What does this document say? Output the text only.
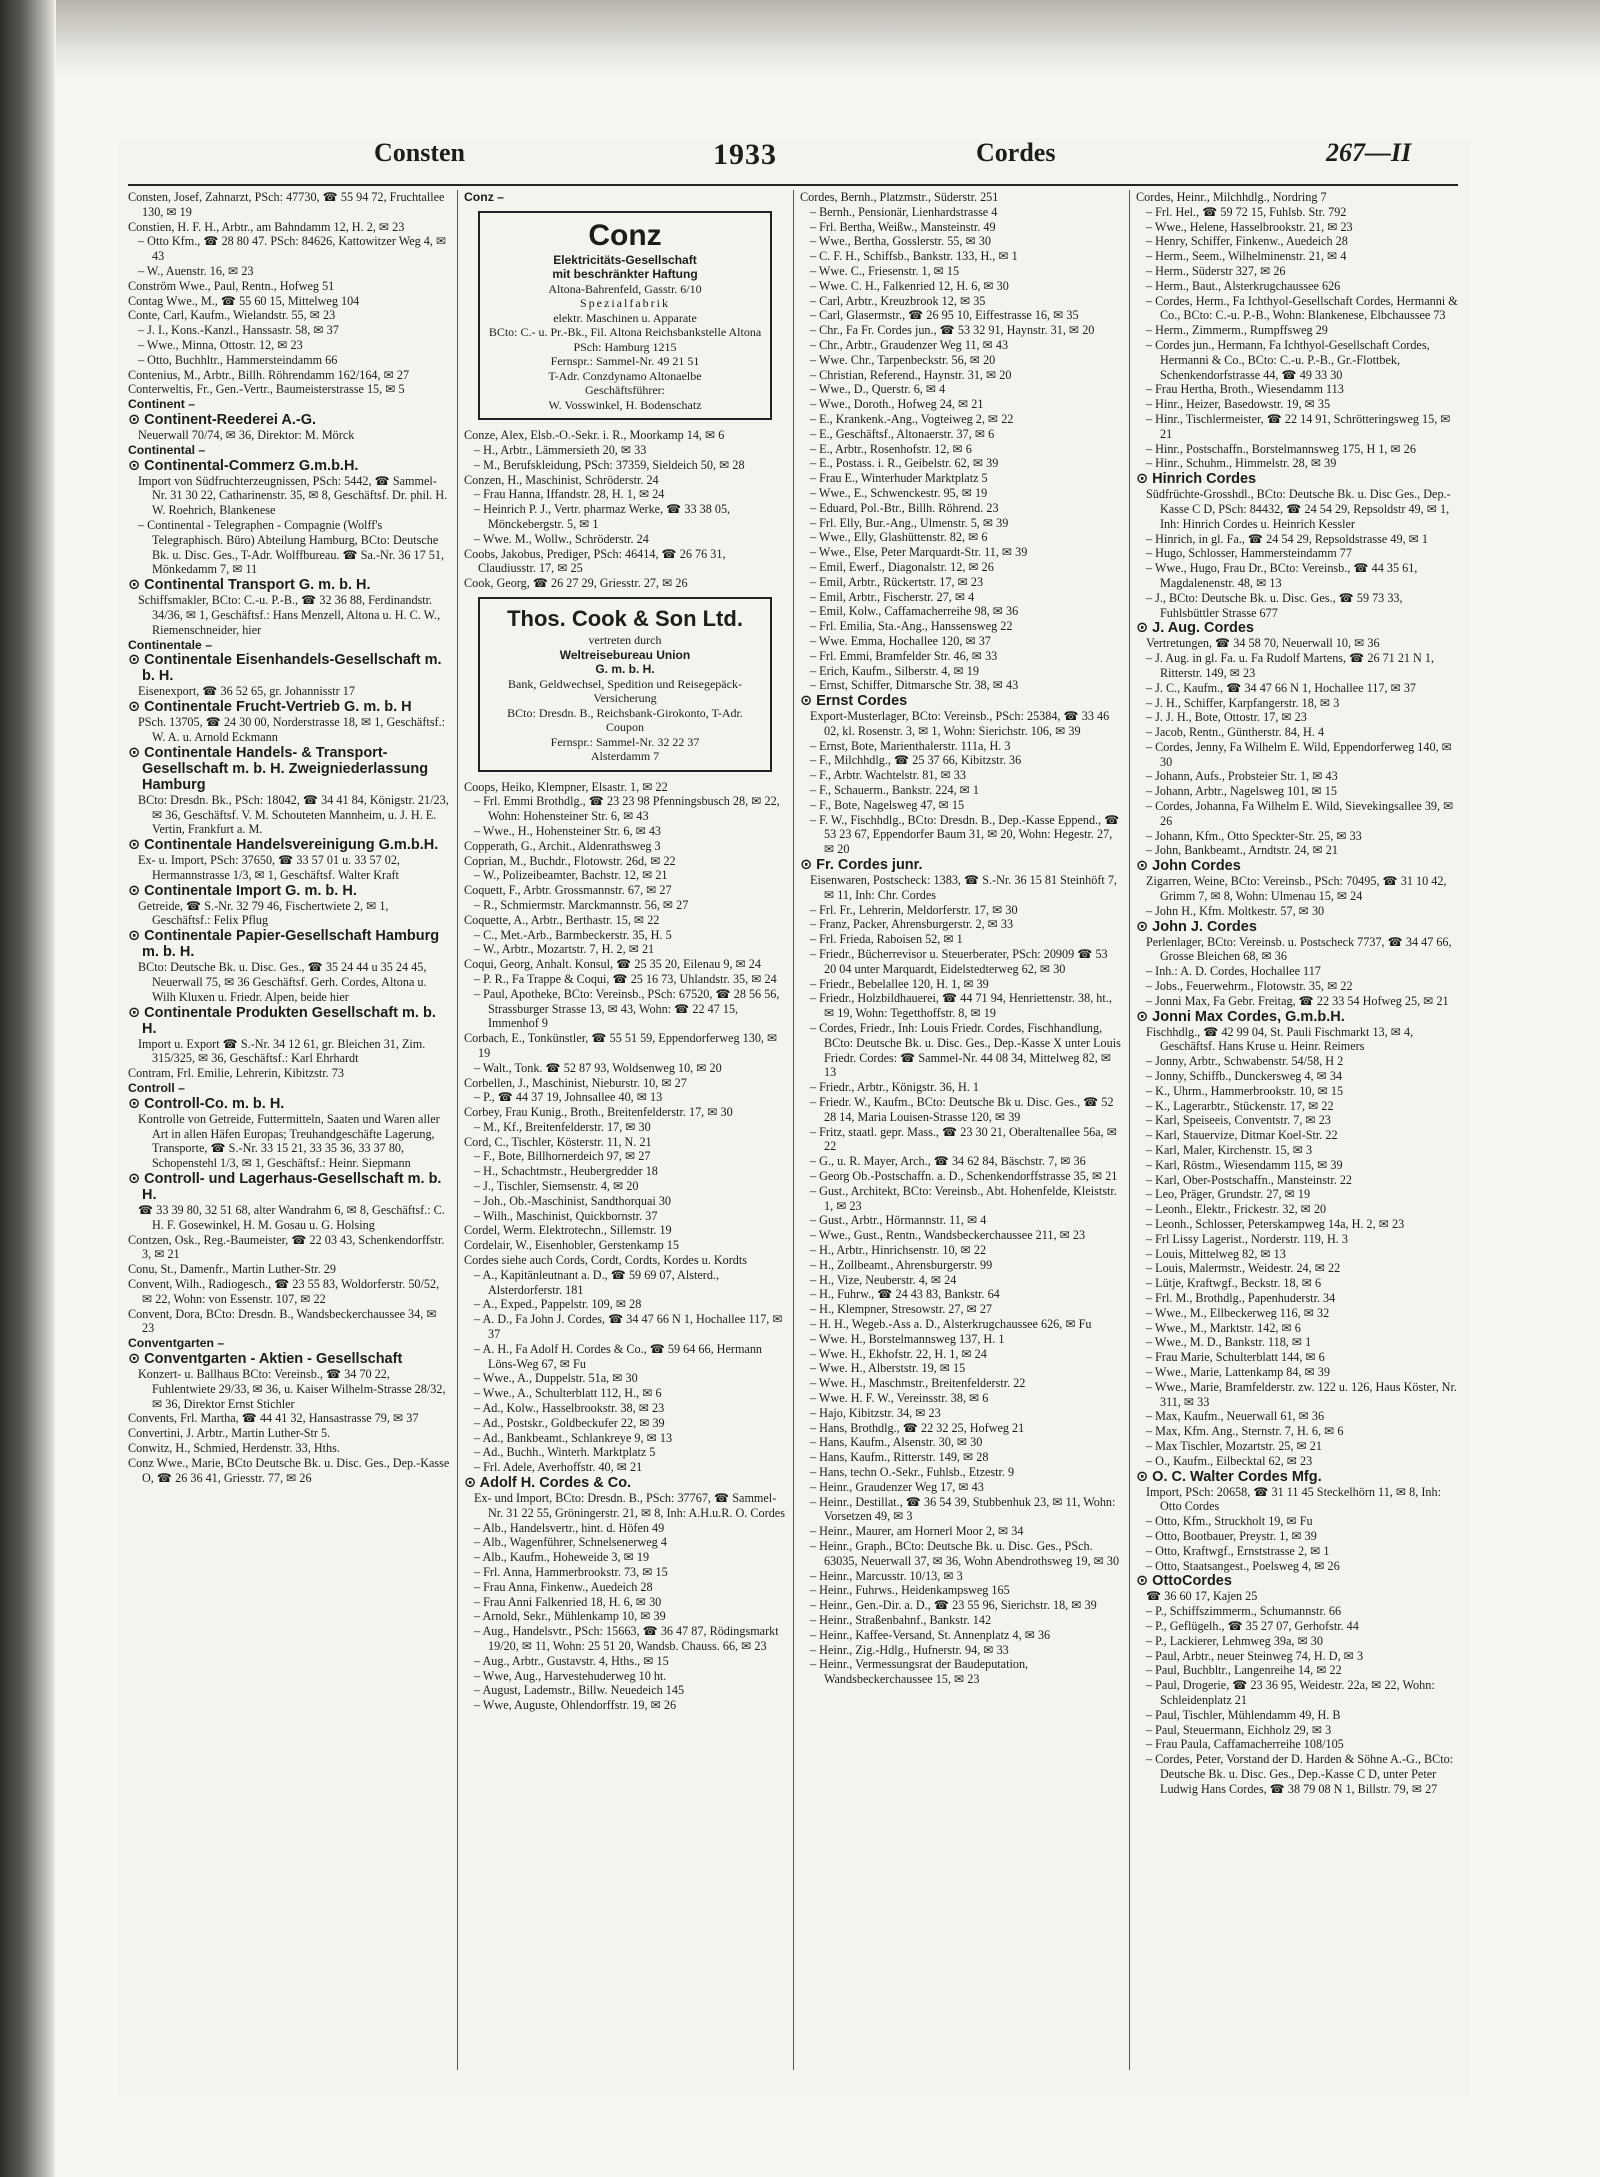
Consten	1933	Cordes	267—II

Consten, Josef, Zahnarzt, PSch: 47730, ☎ 55 94 72, Fruchtallee 130, ✉ 19

Constien, H. F. H., Arbtr., am Bahndamm 12, H. 2, ✉ 23

– Otto Kfm., ☎ 28 80 47. PSch: 84626, Kattowitzer Weg 4, ✉ 43

– W., Auenstr. 16, ✉ 23

Conström Wwe., Paul, Rentn., Hofweg 51

Contag Wwe., M., ☎ 55 60 15, Mittelweg 104

Conte, Carl, Kaufm., Wielandstr. 55, ✉ 23

– J. I., Kons.-Kanzl., Hanssastr. 58, ✉ 37

– Wwe., Minna, Ottostr. 12, ✉ 23

– Otto, Buchhltr., Hammersteindamm 66

Contenius, M., Arbtr., Billh. Röhrendamm 162/164, ✉ 27

Conterweltis, Fr., Gen.-Vertr., Baumeisterstrasse 15, ✉ 5

Continent –

⊙ Continent-Reederei A.-G.

Neuerwall 70/74, ✉ 36, Direktor: M. Mörck

Continental –

⊙ Continental-Commerz G.m.b.H.

Import von Südfruchterzeugnissen, PSch: 5442, ☎ Sammel-Nr. 31 30 22, Catharinenstr. 35, ✉ 8, Geschäftsf. Dr. phil. H. W. Roehrich, Blankenese

– Continental - Telegraphen - Compagnie (Wolff's Telegraphisch. Büro) Abteilung Hamburg, BCto: Deutsche Bk. u. Disc. Ges., T-Adr. Wolffbureau. ☎ Sa.-Nr. 36 17 51, Mönkedamm 7, ✉ 11

⊙ Continental Transport G. m. b. H.

Schiffsmakler, BCto: C.-u. P.-B., ☎ 32 36 88, Ferdinandstr. 34/36, ✉ 1, Geschäftsf.: Hans Menzell, Altona u. H. C. W., Riemenschneider, hier

Continentale –

⊙ Continentale Eisenhandels-Gesellschaft m. b. H.

Eisenexport, ☎ 36 52 65, gr. Johannisstr 17

⊙ Continentale Frucht-Vertrieb G. m. b. H

PSch. 13705, ☎ 24 30 00, Norderstrasse 18, ✉ 1, Geschäftsf.: W. A. u. Arnold Eckmann

⊙ Continentale Handels- & Transport-Gesellschaft m. b. H. Zweigniederlassung Hamburg

BCto: Dresdn. Bk., PSch: 18042, ☎ 34 41 84, Königstr. 21/23, ✉ 36, Geschäftsf. V. M. Schouteten Mannheim, u. J. H. E. Vertin, Frankfurt a. M.

⊙ Continentale Handelsvereinigung G.m.b.H.

Ex- u. Import, PSch: 37650, ☎ 33 57 01 u. 33 57 02, Hermannstrasse 1/3, ✉ 1, Geschäftsf. Walter Kraft

⊙ Continentale Import G. m. b. H.

Getreide, ☎ S.-Nr. 32 79 46, Fischertwiete 2, ✉ 1, Geschäftsf.: Felix Pflug

⊙ Continentale Papier-Gesellschaft Hamburg m. b. H.

BCto: Deutsche Bk. u. Disc. Ges., ☎ 35 24 44 u 35 24 45, Neuerwall 75, ✉ 36 Geschäftsf. Gerh. Cordes, Altona u. Wilh Kluxen u. Friedr. Alpen, beide hier

⊙ Continentale Produkten Gesellschaft m. b. H.

Import u. Export ☎ S.-Nr. 34 12 61, gr. Bleichen 31, Zim. 315/325, ✉ 36, Geschäftsf.: Karl Ehrhardt

Contram, Frl. Emilie, Lehrerin, Kibitzstr. 73

Controll –

⊙ Controll-Co. m. b. H.

Kontrolle von Getreide, Futtermitteln, Saaten und Waren aller Art in allen Häfen Europas; Treuhandgeschäfte Lagerung, Transporte, ☎ S.-Nr. 33 15 21, 33 35 36, 33 37 80, Schopenstehl 1/3, ✉ 1, Geschäftsf.: Heinr. Siepmann

⊙ Controll- und Lagerhaus-Gesellschaft m. b. H.

☎ 33 39 80, 32 51 68, alter Wandrahm 6, ✉ 8, Geschäftsf.: C. H. F. Gosewinkel, H. M. Gosau u. G. Holsing

Contzen, Osk., Reg.-Baumeister, ☎ 22 03 43, Schenkendorffstr. 3, ✉ 21

Conu, St., Damenfr., Martin Luther-Str. 29

Convent, Wilh., Radiogesch., ☎ 23 55 83, Woldorferstr. 50/52, ✉ 22, Wohn: von Essenstr. 107, ✉ 22

Convent, Dora, BCto: Dresdn. B., Wandsbeckerchaussee 34, ✉ 23

Conventgarten –

⊙ Conventgarten - Aktien - Gesellschaft

Konzert- u. Ballhaus BCto: Vereinsb., ☎ 34 70 22, Fuhlentwiete 29/33, ✉ 36, u. Kaiser Wilhelm-Strasse 28/32, ✉ 36, Direktor Ernst Stichler

Convents, Frl. Martha, ☎ 44 41 32, Hansastrasse 79, ✉ 37

Convertini, J. Arbtr., Martin Luther-Str 5.

Conwitz, H., Schmied, Herdenstr. 33, Hths.

Conz Wwe., Marie, BCto Deutsche Bk. u. Disc. Ges., Dep.-Kasse O, ☎ 26 36 41, Griesstr. 77, ✉ 26

Conz –

Conz
Elektricitäts-Gesellschaft
mit beschränkter Haftung
Altona-Bahrenfeld, Gasstr. 6/10
Spezialfabrik
elektr. Maschinen u. Apparate
BCto: C.- u. Pr.-Bk., Fil. Altona Reichsbankstelle Altona
PSch: Hamburg 1215
Fernspr.: Sammel-Nr. 49 21 51
T-Adr. Conzdynamo Altonaelbe
Geschäftsführer:
W. Vosswinkel, H. Bodenschatz

Conze, Alex, Elsb.-O.-Sekr. i. R., Moorkamp 14, ✉ 6

– H., Arbtr., Lämmersieth 20, ✉ 33

– M., Berufskleidung, PSch: 37359, Sieldeich 50, ✉ 28

Conzen, H., Maschinist, Schröderstr. 24

– Frau Hanna, Iffandstr. 28, H. 1, ✉ 24

– Heinrich P. J., Vertr. pharmaz Werke, ☎ 33 38 05, Mönckebergstr. 5, ✉ 1

– Wwe. M., Wollw., Schröderstr. 24

Coobs, Jakobus, Prediger, PSch: 46414, ☎ 26 76 31, Claudiusstr. 17, ✉ 25

Cook, Georg, ☎ 26 27 29, Griesstr. 27, ✉ 26

Thos. Cook & Son Ltd.
vertreten durch
Weltreisebureau Union
G. m. b. H.
Bank, Geldwechsel, Spedition und Reisegepäck-Versicherung
BCto: Dresdn. B., Reichsbank-Girokonto, T-Adr. Coupon
Fernspr.: Sammel-Nr. 32 22 37
Alsterdamm 7

Coops, Heiko, Klempner, Elsastr. 1, ✉ 22

– Frl. Emmi Brothdlg., ☎ 23 23 98 Pfenningsbusch 28, ✉ 22, Wohn: Hohensteiner Str. 6, ✉ 43

– Wwe., H., Hohensteiner Str. 6, ✉ 43

Copperath, G., Archit., Aldenrathsweg 3

Coprian, M., Buchdr., Flotowstr. 26d, ✉ 22

– W., Polizeibeamter, Bachstr. 12, ✉ 21

Coquett, F., Arbtr. Grossmannstr. 67, ✉ 27

– R., Schmiermstr. Marckmannstr. 56, ✉ 27

Coquette, A., Arbtr., Berthastr. 15, ✉ 22

– C., Met.-Arb., Barmbeckerstr. 35, H. 5

– W., Arbtr., Mozartstr. 7, H. 2, ✉ 21

Coqui, Georg, Anhalt. Konsul, ☎ 25 35 20, Eilenau 9, ✉ 24

– P. R., Fa Trappe & Coqui, ☎ 25 16 73, Uhlandstr. 35, ✉ 24

– Paul, Apotheke, BCto: Vereinsb., PSch: 67520, ☎ 28 56 56, Strassburger Strasse 13, ✉ 43, Wohn: ☎ 22 47 15, Immenhof 9

Corbach, E., Tonkünstler, ☎ 55 51 59, Eppendorferweg 130, ✉ 19

– Walt., Tonk. ☎ 52 87 93, Woldsenweg 10, ✉ 20

Corbellen, J., Maschinist, Nieburstr. 10, ✉ 27

– P., ☎ 44 37 19, Johnsallee 40, ✉ 13

Corbey, Frau Kunig., Broth., Breitenfelderstr. 17, ✉ 30

– M., Kf., Breitenfelderstr. 17, ✉ 30

Cord, C., Tischler, Kösterstr. 11, N. 21

– F., Bote, Billhornerdeich 97, ✉ 27

– H., Schachtmstr., Heubergredder 18

– J., Tischler, Siemsenstr. 4, ✉ 20

– Joh., Ob.-Maschinist, Sandthorquai 30

– Wilh., Maschinist, Quickbornstr. 37

Cordel, Werm. Elektrotechn., Sillemstr. 19

Cordelair, W., Eisenhobler, Gerstenkamp 15

Cordes siehe auch Cords, Cordt, Cordts, Kordes u. Kordts

– A., Kapitänleutnant a. D., ☎ 59 69 07, Alsterd., Alsterdorferstr. 181

– A., Exped., Pappelstr. 109, ✉ 28

– A. D., Fa John J. Cordes, ☎ 34 47 66 N 1, Hochallee 117, ✉ 37

– A. H., Fa Adolf H. Cordes & Co., ☎ 59 64 66, Hermann Löns-Weg 67, ✉ Fu

– Wwe., A., Duppelstr. 51a, ✉ 30

– Wwe., A., Schulterblatt 112, H., ✉ 6

– Ad., Kolw., Hasselbrookstr. 38, ✉ 23

– Ad., Postskr., Goldbeckufer 22, ✉ 39

– Ad., Bankbeamt., Schlankreye 9, ✉ 13

– Ad., Buchh., Winterh. Marktplatz 5

– Frl. Adele, Averhoffstr. 40, ✉ 21

⊙ Adolf H. Cordes & Co.

Ex- und Import, BCto: Dresdn. B., PSch: 37767, ☎ Sammel-Nr. 31 22 55, Gröningerstr. 21, ✉ 8, Inh: A.H.u.R. O. Cordes

– Alb., Handelsvertr., hint. d. Höfen 49

– Alb., Wagenführer, Schnelsenerweg 4

– Alb., Kaufm., Hoheweide 3, ✉ 19

– Frl. Anna, Hammerbrookstr. 73, ✉ 15

– Frau Anna, Finkenw., Auedeich 28

– Frau Anni Falkenried 18, H. 6, ✉ 30

– Arnold, Sekr., Mühlenkamp 10, ✉ 39

– Aug., Handelsvtr., PSch: 15663, ☎ 36 47 87, Rödingsmarkt 19/20, ✉ 11, Wohn: 25 51 20, Wandsb. Chauss. 66, ✉ 23

– Aug., Arbtr., Gustavstr. 4, Hths., ✉ 15

– Wwe, Aug., Harvestehuderweg 10 ht.

– August, Lademstr., Billw. Neuedeich 145

– Wwe, Auguste, Ohlendorffstr. 19, ✉ 26

Cordes, Bernh., Platzmstr., Süderstr. 251

– Bernh., Pensionär, Lienhardstrasse 4

– Frl. Bertha, Weißw., Mansteinstr. 49

– Wwe., Bertha, Gosslerstr. 55, ✉ 30

– C. F. H., Schiffsb., Bankstr. 133, H., ✉ 1

– Wwe. C., Friesenstr. 1, ✉ 15

– Wwe. C. H., Falkenried 12, H. 6, ✉ 30

– Carl, Arbtr., Kreuzbrook 12, ✉ 35

– Carl, Glasermstr., ☎ 26 95 10, Eiffestrasse 16, ✉ 35

– Chr., Fa Fr. Cordes jun., ☎ 53 32 91, Haynstr. 31, ✉ 20

– Chr., Arbtr., Graudenzer Weg 11, ✉ 43

– Wwe. Chr., Tarpenbeckstr. 56, ✉ 20

– Christian, Referend., Haynstr. 31, ✉ 20

– Wwe., D., Querstr. 6, ✉ 4

– Wwe., Doroth., Hofweg 24, ✉ 21

– E., Krankenk.-Ang., Vogteiweg 2, ✉ 22

– E., Geschäftsf., Altonaerstr. 37, ✉ 6

– E., Arbtr., Rosenhofstr. 12, ✉ 6

– E., Postass. i. R., Geibelstr. 62, ✉ 39

– Frau E., Winterhuder Marktplatz 5

– Wwe., E., Schwenckestr. 95, ✉ 19

– Eduard, Pol.-Btr., Billh. Röhrend. 23

– Frl. Elly, Bur.-Ang., Ulmenstr. 5, ✉ 39

– Wwe., Elly, Glashüttenstr. 82, ✉ 6

– Wwe., Else, Peter Marquardt-Str. 11, ✉ 39

– Emil, Ewerf., Diagonalstr. 12, ✉ 26

– Emil, Arbtr., Rückertstr. 17, ✉ 23

– Emil, Arbtr., Fischerstr. 27, ✉ 4

– Emil, Kolw., Caffamacherreihe 98, ✉ 36

– Frl. Emilia, Sta.-Ang., Hanssensweg 22

– Wwe. Emma, Hochallee 120, ✉ 37

– Frl. Emmi, Bramfelder Str. 46, ✉ 33

– Erich, Kaufm., Silberstr. 4, ✉ 19

– Ernst, Schiffer, Ditmarsche Str. 38, ✉ 43

⊙ Ernst Cordes

Export-Musterlager, BCto: Vereinsb., PSch: 25384, ☎ 33 46 02, kl. Rosenstr. 3, ✉ 1, Wohn: Sierichstr. 106, ✉ 39

– Ernst, Bote, Marienthalerstr. 111a, H. 3

– F., Milchhdlg., ☎ 25 37 66, Kibitzstr. 36

– F., Arbtr. Wachtelstr. 81, ✉ 33

– F., Schauerm., Bankstr. 224, ✉ 1

– F., Bote, Nagelsweg 47, ✉ 15

– F. W., Fischhdlg., BCto: Dresdn. B., Dep.-Kasse Eppend., ☎ 53 23 67, Eppendorfer Baum 31, ✉ 20, Wohn: Hegestr. 27, ✉ 20

⊙ Fr. Cordes junr.

Eisenwaren, Postscheck: 1383, ☎ S.-Nr. 36 15 81 Steinhöft 7, ✉ 11, Inh: Chr. Cordes

– Frl. Fr., Lehrerin, Meldorferstr. 17, ✉ 30

– Franz, Packer, Ahrensburgerstr. 2, ✉ 33

– Frl. Frieda, Raboisen 52, ✉ 1

– Friedr., Bücherrevisor u. Steuerberater, PSch: 20909 ☎ 53 20 04 unter Marquardt, Eidelstedterweg 62, ✉ 30

– Friedr., Bebelallee 120, H. 1, ✉ 39

– Friedr., Holzbildhauerei, ☎ 44 71 94, Henriettenstr. 38, ht., ✉ 19, Wohn: Tegetthoffstr. 8, ✉ 19

– Cordes, Friedr., Inh: Louis Friedr. Cordes, Fischhandlung, BCto: Deutsche Bk. u. Disc. Ges., Dep.-Kasse X unter Louis Friedr. Cordes: ☎ Sammel-Nr. 44 08 34, Mittelweg 82, ✉ 13

– Friedr., Arbtr., Königstr. 36, H. 1

– Friedr. W., Kaufm., BCto: Deutsche Bk u. Disc. Ges., ☎ 52 28 14, Maria Louisen-Strasse 120, ✉ 39

– Fritz, staatl. gepr. Mass., ☎ 23 30 21, Oberaltenallee 56a, ✉ 22

– G., u. R. Mayer, Arch., ☎ 34 62 84, Bäschstr. 7, ✉ 36

– Georg Ob.-Postschaffn. a. D., Schenkendorffstrasse 35, ✉ 21

– Gust., Architekt, BCto: Vereinsb., Abt. Hohenfelde, Kleiststr. 1, ✉ 23

– Gust., Arbtr., Hörmannstr. 11, ✉ 4

– Wwe., Gust., Rentn., Wandsbeckerchaussee 211, ✉ 23

– H., Arbtr., Hinrichsenstr. 10, ✉ 22

– H., Zollbeamt., Ahrensburgerstr. 99

– H., Vize, Neuberstr. 4, ✉ 24

– H., Fuhrw., ☎ 24 43 83, Bankstr. 64

– H., Klempner, Stresowstr. 27, ✉ 27

– H. H., Wegeb.-Ass a. D., Alsterkrugchaussee 626, ✉ Fu

– Wwe. H., Borstelmannsweg 137, H. 1

– Wwe. H., Ekhofstr. 22, H. 1, ✉ 24

– Wwe. H., Alberststr. 19, ✉ 15

– Wwe. H., Maschmstr., Breitenfelderstr. 22

– Wwe. H. F. W., Vereinsstr. 38, ✉ 6

– Hajo, Kibitzstr. 34, ✉ 23

– Hans, Brothdlg., ☎ 22 32 25, Hofweg 21

– Hans, Kaufm., Alsenstr. 30, ✉ 30

– Hans, Kaufm., Ritterstr. 149, ✉ 28

– Hans, techn O.-Sekr., Fuhlsb., Etzestr. 9

– Heinr., Graudenzer Weg 17, ✉ 43

– Heinr., Destillat., ☎ 36 54 39, Stubbenhuk 23, ✉ 11, Wohn: Vorsetzen 49, ✉ 3

– Heinr., Maurer, am Hornerl Moor 2, ✉ 34

– Heinr., Graph., BCto: Deutsche Bk. u. Disc. Ges., PSch. 63035, Neuerwall 37, ✉ 36, Wohn Abendrothsweg 19, ✉ 30

– Heinr., Marcusstr. 10/13, ✉ 3

– Heinr., Fuhrws., Heidenkampsweg 165

– Heinr., Gen.-Dir. a. D., ☎ 23 55 96, Sierichstr. 18, ✉ 39

– Heinr., Straßenbahnf., Bankstr. 142

– Heinr., Kaffee-Versand, St. Annenplatz 4, ✉ 36

– Heinr., Zig.-Hdlg., Hufnerstr. 94, ✉ 33

– Heinr., Vermessungsrat der Baudeputation, Wandsbeckerchaussee 15, ✉ 23

Cordes, Heinr., Milchhdlg., Nordring 7

– Frl. Hel., ☎ 59 72 15, Fuhlsb. Str. 792

– Wwe., Helene, Hasselbrookstr. 21, ✉ 23

– Henry, Schiffer, Finkenw., Auedeich 28

– Herm., Seem., Wilhelminenstr. 21, ✉ 4

– Herm., Süderstr 327, ✉ 26

– Herm., Baut., Alsterkrugchaussee 626

– Cordes, Herm., Fa Ichthyol-Gesellschaft Cordes, Hermanni & Co., BCto: C.-u. P.-B., Wohn: Blankenese, Elbchaussee 73

– Herm., Zimmerm., Rumpffsweg 29

– Cordes jun., Hermann, Fa Ichthyol-Gesellschaft Cordes, Hermanni & Co., BCto: C.-u. P.-B., Gr.-Flottbek, Schenkendorfstrasse 44, ☎ 49 33 30

– Frau Hertha, Broth., Wiesendamm 113

– Hinr., Heizer, Basedowstr. 19, ✉ 35

– Hinr., Tischlermeister, ☎ 22 14 91, Schrötteringsweg 15, ✉ 21

– Hinr., Postschaffn., Borstelmannsweg 175, H 1, ✉ 26

– Hinr., Schuhm., Himmelstr. 28, ✉ 39

⊙ Hinrich Cordes

Südfrüchte-Grosshdl., BCto: Deutsche Bk. u. Disc Ges., Dep.-Kasse C D, PSch: 84432, ☎ 24 54 29, Repsoldstr 49, ✉ 1, Inh: Hinrich Cordes u. Heinrich Kessler

– Hinrich, in gl. Fa., ☎ 24 54 29, Repsoldstrasse 49, ✉ 1

– Hugo, Schlosser, Hammersteindamm 77

– Wwe., Hugo, Frau Dr., BCto: Vereinsb., ☎ 44 35 61, Magdalenenstr. 48, ✉ 13

– J., BCto: Deutsche Bk. u. Disc. Ges., ☎ 59 73 33, Fuhlsbüttler Strasse 677

⊙ J. Aug. Cordes

Vertretungen, ☎ 34 58 70, Neuerwall 10, ✉ 36

– J. Aug. in gl. Fa. u. Fa Rudolf Martens, ☎ 26 71 21 N 1, Ritterstr. 149, ✉ 23

– J. C., Kaufm., ☎ 34 47 66 N 1, Hochallee 117, ✉ 37

– J. H., Schiffer, Karpfangerstr. 18, ✉ 3

– J. J. H., Bote, Ottostr. 17, ✉ 23

– Jacob, Rentn., Güntherstr. 84, H. 4

– Cordes, Jenny, Fa Wilhelm E. Wild, Eppendorferweg 140, ✉ 30

– Johann, Aufs., Probsteier Str. 1, ✉ 43

– Johann, Arbtr., Nagelsweg 101, ✉ 15

– Cordes, Johanna, Fa Wilhelm E. Wild, Sievekingsallee 39, ✉ 26

– Johann, Kfm., Otto Speckter-Str. 25, ✉ 33

– John, Bankbeamt., Arndtstr. 24, ✉ 21

⊙ John Cordes

Zigarren, Weine, BCto: Vereinsb., PSch: 70495, ☎ 31 10 42, Grimm 7, ✉ 8, Wohn: Ulmenau 15, ✉ 24

– John H., Kfm. Moltkestr. 57, ✉ 30

⊙ John J. Cordes

Perlenlager, BCto: Vereinsb. u. Postscheck 7737, ☎ 34 47 66, Grosse Bleichen 68, ✉ 36

– Inh.: A. D. Cordes, Hochallee 117

– Jobs., Feuerwehrm., Flotowstr. 35, ✉ 22

– Jonni Max, Fa Gebr. Freitag, ☎ 22 33 54 Hofweg 25, ✉ 21

⊙ Jonni Max Cordes, G.m.b.H.

Fischhdlg., ☎ 42 99 04, St. Pauli Fischmarkt 13, ✉ 4, Geschäftsf. Hans Kruse u. Heinr. Reimers

– Jonny, Arbtr., Schwabenstr. 54/58, H 2

– Jonny, Schiffb., Dunckersweg 4, ✉ 34

– K., Uhrm., Hammerbrookstr. 10, ✉ 15

– K., Lagerarbtr., Stückenstr. 17, ✉ 22

– Karl, Speiseeis, Conventstr. 7, ✉ 23

– Karl, Stauervize, Ditmar Koel-Str. 22

– Karl, Maler, Kirchenstr. 15, ✉ 3

– Karl, Röstm., Wiesendamm 115, ✉ 39

– Karl, Ober-Postschaffn., Mansteinstr. 22

– Leo, Präger, Grundstr. 27, ✉ 19

– Leonh., Elektr., Frickestr. 32, ✉ 20

– Leonh., Schlosser, Peterskampweg 14a, H. 2, ✉ 23

– Frl Lissy Lagerist., Norderstr. 119, H. 3

– Louis, Mittelweg 82, ✉ 13

– Louis, Malermstr., Weidestr. 24, ✉ 22

– Lütje, Kraftwgf., Beckstr. 18, ✉ 6

– Frl. M., Brothdlg., Papenhuderstr. 34

– Wwe., M., Ellbeckerweg 116, ✉ 32

– Wwe., M., Marktstr. 142, ✉ 6

– Wwe., M. D., Bankstr. 118, ✉ 1

– Frau Marie, Schulterblatt 144, ✉ 6

– Wwe., Marie, Lattenkamp 84, ✉ 39

– Wwe., Marie, Bramfelderstr. zw. 122 u. 126, Haus Köster, Nr. 311, ✉ 33

– Max, Kaufm., Neuerwall 61, ✉ 36

– Max, Kfm. Ang., Sternstr. 7, H. 6, ✉ 6

– Max Tischler, Mozartstr. 25, ✉ 21

– O., Kaufm., Eilbecktal 62, ✉ 23

⊙ O. C. Walter Cordes Mfg.

Import, PSch: 20658, ☎ 31 11 45 Steckelhörn 11, ✉ 8, Inh: Otto Cordes

– Otto, Kfm., Struckholt 19, ✉ Fu

– Otto, Bootbauer, Preystr. 1, ✉ 39

– Otto, Kraftwgf., Ernststrasse 2, ✉ 1

– Otto, Staatsangest., Poelsweg 4, ✉ 26

⊙ OttoCordes

☎ 36 60 17, Kajen 25

– P., Schiffszimmerm., Schumannstr. 66

– P., Geflügelh., ☎ 35 27 07, Gerhofstr. 44

– P., Lackierer, Lehmweg 39a, ✉ 30

– Paul, Arbtr., neuer Steinweg 74, H. D, ✉ 3

– Paul, Buchbltr., Langenreihe 14, ✉ 22

– Paul, Drogerie, ☎ 23 36 95, Weidestr. 22a, ✉ 22, Wohn: Schleidenplatz 21

– Paul, Tischler, Mühlendamm 49, H. B

– Paul, Steuermann, Eichholz 29, ✉ 3

– Frau Paula, Caffamacherreihe 108/105

– Cordes, Peter, Vorstand der D. Harden & Söhne A.-G., BCto: Deutsche Bk. u. Disc. Ges., Dep.-Kasse C D, unter Peter Ludwig Hans Cordes, ☎ 38 79 08 N 1, Billstr. 79, ✉ 27
